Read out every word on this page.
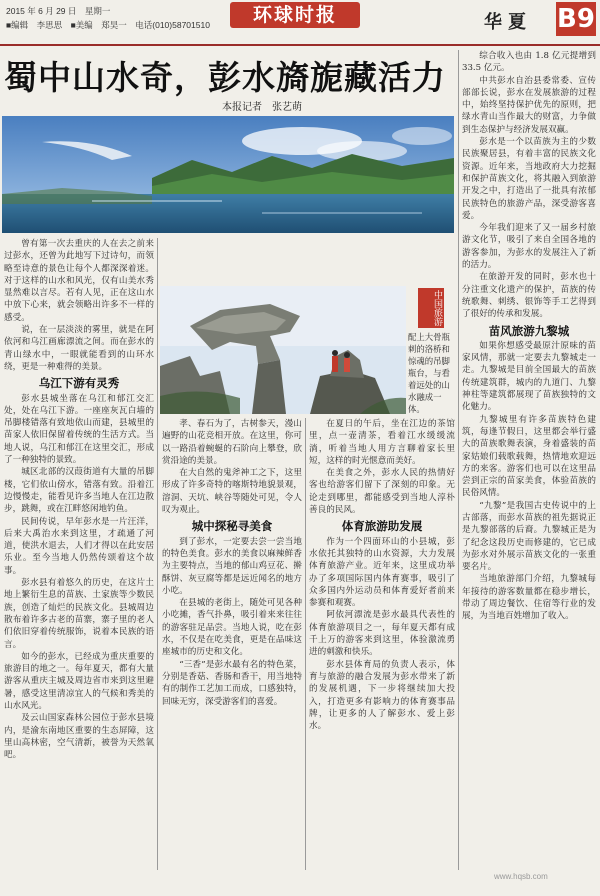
2015 年 6 月 29 日　星期一
■编辑　李思思　■美编　郑昊一　电话(010)58701510	环球时报	华夏 B9
蜀中山水奇，彭水旖旎藏活力
本报记者　张艺萌
中国旅游
配上大骨瓶刺的洛桥和惊魂的吊脚瓶台，与看着远处的山水融成一体。

曾有第一次去重庆的人在去之前来过彭水，还曾为此地写下过诗句，而领略至诗意的景色让每个人都深深着迷。对于这样的山水和风光，仅有山美水秀显然难以言尽。若有人见，正在这山水中放下心来，就会领略出许多不一样的感受。

说，在一层淡淡的雾里，就是在阿依河和乌江画廊漂流之间。而在彭水的青山绿水中，一眼就能看到的山环水绕，更是一种难得的美景。

乌江下游有灵秀

彭水县城坐落在乌江和郁江交汇处，处在乌江下游。一座座灰瓦白墙的吊脚楼错落有致地依山而建，县城里的苗家人依旧保留着传统的生活方式。当地人说，乌江和郁江在这里交汇，形成了一种独特的景致。

城区北部的汉葭街道有大量的吊脚楼，它们依山傍水，错落有致。沿着江边慢慢走，能看见许多当地人在江边散步，跳舞，或在江畔悠闲地钓鱼。

民间传说，早年彭水是一片汪洋，后来大禹治水来到这里，才疏通了河道，使洪水退去，人们才得以在此安居乐业。至今当地人仍然传颂着这个故事。

彭水县有着悠久的历史，在这片土地上繁衍生息的苗族、土家族等少数民族，创造了灿烂的民族文化。县城周边散布着许多古老的苗寨，寨子里的老人们依旧穿着传统服饰，说着本民族的语言。

如今的彭水，已经成为重庆重要的旅游目的地之一。每年夏天，都有大量游客从重庆主城及周边省市来到这里避暑，感受这里清凉宜人的气候和秀美的山水风光。

及云山国家森林公园位于彭水县境内，是渝东南地区重要的生态屏障，这里山高林密，空气清新，被誉为天然氧吧。

孝、春石为了，古树参天，漫山遍野的山花竞相开放。在这里，你可以一路沿着蜿蜒的石阶向上攀登，欣赏沿途的美景。

在大自然的鬼斧神工之下，这里形成了许多奇特的喀斯特地貌景观，溶洞、天坑、峡谷等随处可见，令人叹为观止。

城中探秘寻美食

到了彭水，一定要去尝一尝当地的特色美食。彭水的美食以麻辣鲜香为主要特点，当地的郁山鸡豆花、擀酥饼、灰豆腐等都是远近闻名的地方小吃。

在县城的老街上，随处可见各种小吃摊，香气扑鼻，吸引着来来往往的游客驻足品尝。当地人说，吃在彭水，不仅是在吃美食，更是在品味这座城市的历史和文化。

“三香”是彭水最有名的特色菜，分别是香菇、香肠和香干，用当地特有的制作工艺加工而成，口感独特，回味无穷，深受游客们的喜爱。

在夏日的午后，坐在江边的茶馆里，点一壶清茶，看着江水缓缓流淌，听着当地人用方言聊着家长里短，这样的时光惬意而美好。

在美食之外，彭水人民的热情好客也给游客们留下了深刻的印象。无论走到哪里，都能感受到当地人淳朴善良的民风。

体育旅游助发展

作为一个四面环山的小县城，彭水依托其独特的山水资源，大力发展体育旅游产业。近年来，这里成功举办了多项国际国内体育赛事，吸引了众多国内外运动员和体育爱好者前来参赛和观赛。

阿依河漂流是彭水最具代表性的体育旅游项目之一，每年夏天都有成千上万的游客来到这里，体验激流勇进的刺激和快乐。

彭水县体育局的负责人表示，体育与旅游的融合发展为彭水带来了新的发展机遇，下一步将继续加大投入，打造更多有影响力的体育赛事品牌，让更多的人了解彭水、爱上彭水。

综合收入也由 1.8 亿元提增到 33.5 亿元。

中共彭水自治县委常委、宣传部部长说，彭水在发展旅游的过程中，始终坚持保护优先的原则，把绿水青山当作最大的财富，力争做到生态保护与经济发展双赢。

彭水是一个以苗族为主的少数民族聚居县，有着丰富的民族文化资源。近年来，当地政府大力挖掘和保护苗族文化，将其融入到旅游开发之中，打造出了一批具有浓郁民族特色的旅游产品，深受游客喜爱。

今年我们迎来了又一届乡村旅游文化节，吸引了来自全国各地的游客参加，为彭水的发展注入了新的活力。

在旅游开发的同时，彭水也十分注重文化遗产的保护，苗族的传统歌舞、刺绣、银饰等手工艺得到了很好的传承和发展。

苗风旅游九黎城

如果你想感受最原汁原味的苗家风情，那就一定要去九黎城走一走。九黎城是目前全国最大的苗族传统建筑群，城内的九道门、九黎神柱等建筑都展现了苗族独特的文化魅力。

九黎城里有许多苗族特色建筑，每逢节假日，这里都会举行盛大的苗族歌舞表演，身着盛装的苗家姑娘们载歌载舞，热情地欢迎远方的来客。游客们也可以在这里品尝到正宗的苗家美食，体验苗族的民俗风情。

“九黎”是我国古史传说中的上古部落，而彭水苗族的祖先据说正是九黎部落的后裔。九黎城正是为了纪念这段历史而修建的，它已成为彭水对外展示苗族文化的一张重要名片。

当地旅游部门介绍，九黎城每年接待的游客数量都在稳步增长，带动了周边餐饮、住宿等行业的发展，为当地百姓增加了收入。

www.hqsb.com
